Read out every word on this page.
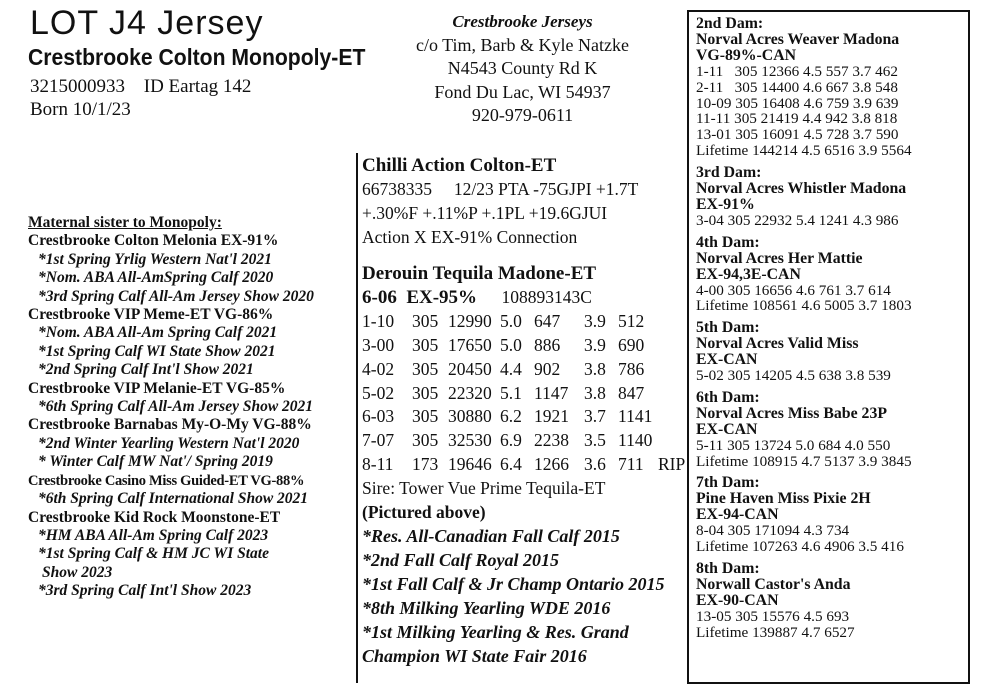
LOT J4 Jersey
Crestbrooke Colton Monopoly-ET
3215000933 ID Eartag 142
Born 10/1/23
Crestbrooke Jerseys
c/o Tim, Barb & Kyle Natzke
N4543 County Rd K
Fond Du Lac, WI 54937
920-979-0611
Maternal sister to Monopoly:
Crestbrooke Colton Melonia EX-91%
*1st Spring Yrlig Western Nat'l 2021
*Nom. ABA All-AmSpring Calf 2020
*3rd Spring Calf All-Am Jersey Show 2020
Crestbrooke VIP Meme-ET VG-86%
*Nom. ABA All-Am Spring Calf 2021
*1st Spring Calf WI State Show 2021
*2nd Spring Calf Int'l Show 2021
Crestbrooke VIP Melanie-ET VG-85%
*6th Spring Calf All-Am Jersey Show 2021
Crestbrooke Barnabas My-O-My VG-88%
*2nd Winter Yearling Western Nat'l 2020
* Winter Calf MW Nat'/ Spring 2019
Crestbrooke Casino Miss Guided-ET VG-88%
*6th Spring Calf International Show 2021
Crestbrooke Kid Rock Moonstone-ET
*HM ABA All-Am Spring Calf 2023
*1st Spring Calf & HM JC WI State
Show 2023
*3rd Spring Calf Int'l Show 2023
Chilli Action Colton-ET
66738335     12/23 PTA -75GJPI +1.7T
+.30%F +.11%P +.1PL +19.6GJUI
Action X EX-91% Connection
Derouin Tequila Madone-ET
6-06  EX-95% 108893143C
1-10 305 12990 5.0 647 3.9 512
3-00 305 17650 5.0 886 3.9 690
4-02 305 20450 4.4 902 3.8 786
5-02 305 22320 5.1 1147 3.8 847
6-03 305 30880 6.2 1921 3.7 1141
7-07 305 32530 6.9 2238 3.5 1140
8-11 173 19646 6.4 1266 3.6 711 RIP
Sire: Tower Vue Prime Tequila-ET
(Pictured above)
*Res. All-Canadian Fall Calf 2015
*2nd Fall Calf Royal 2015
*1st Fall Calf & Jr Champ Ontario 2015
*8th Milking Yearling WDE 2016
*1st Milking Yearling & Res. Grand
Champion WI State Fair 2016
2nd Dam:
Norval Acres Weaver Madona
VG-89%-CAN
1-11   305 12366 4.5 557 3.7 462
2-11   305 14400 4.6 667 3.8 548
10-09 305 16408 4.6 759 3.9 639
11-11 305 21419 4.4 942 3.8 818
13-01 305 16091 4.5 728 3.7 590
Lifetime 144214 4.5 6516 3.9 5564
3rd Dam:
Norval Acres Whistler Madona
EX-91%
3-04 305 22932 5.4 1241 4.3 986
4th Dam:
Norval Acres Her Mattie
EX-94,3E-CAN
4-00 305 16656 4.6 761 3.7 614
Lifetime 108561 4.6 5005 3.7 1803
5th Dam:
Norval Acres Valid Miss
EX-CAN
5-02 305 14205 4.5 638 3.8 539
6th Dam:
Norval Acres Miss Babe 23P
EX-CAN
5-11 305 13724 5.0 684 4.0 550
Lifetime 108915 4.7 5137 3.9 3845
7th Dam:
Pine Haven Miss Pixie 2H
EX-94-CAN
8-04 305 171094 4.3 734
Lifetime 107263 4.6 4906 3.5 416
8th Dam:
Norwall Castor's Anda
EX-90-CAN
13-05 305 15576 4.5 693
Lifetime 139887 4.7 6527
